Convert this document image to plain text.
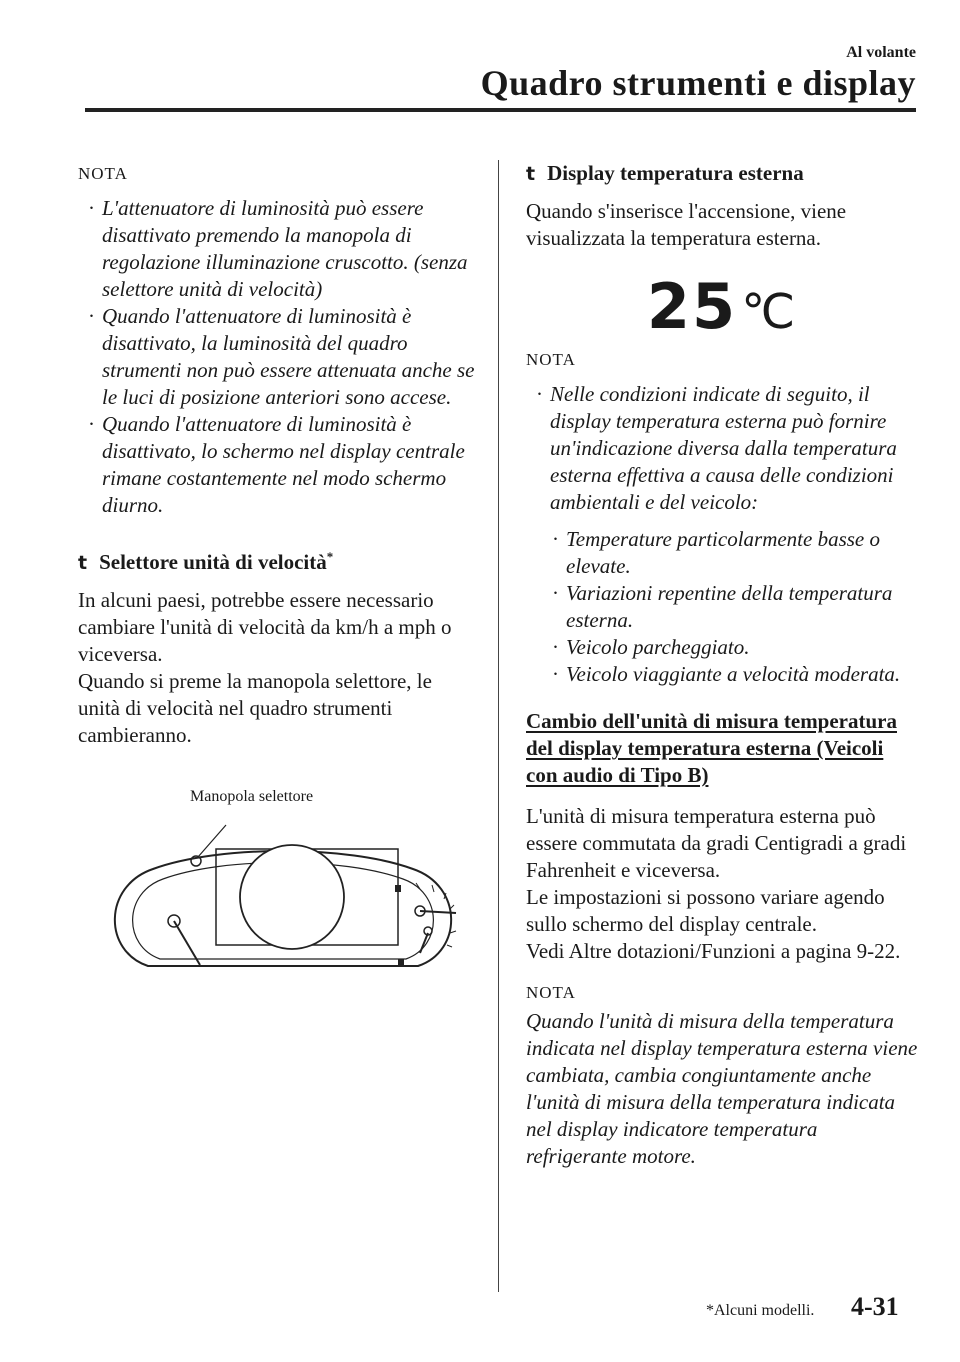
Al volante
Quadro strumenti e display
NOTA
· L'attenuatore di luminosità può essere disattivato premendo la manopola di regolazione illuminazione cruscotto. (senza selettore unità di velocità)
· Quando l'attenuatore di luminosità è disattivato, la luminosità del quadro strumenti non può essere attenuata anche se le luci di posizione anteriori sono accese.
· Quando l'attenuatore di luminosità è disattivato, lo schermo nel display centrale rimane costantemente nel modo schermo diurno.
t Selettore unità di velocità*

In alcuni paesi, potrebbe essere necessario cambiare l'unità di velocità da km/h a mph o viceversa.

Quando si preme la manopola selettore, le unità di velocità nel quadro strumenti cambieranno.

Manopola selettore
t Display temperatura esterna

Quando s'inserisce l'accensione, viene visualizzata la temperatura esterna.

25℃
NOTA
· Nelle condizioni indicate di seguito, il display temperatura esterna può fornire un'indicazione diversa dalla temperatura esterna effettiva a causa delle condizioni ambientali e del veicolo:
· Temperature particolarmente basse o elevate.
· Variazioni repentine della temperatura esterna.
· Veicolo parcheggiato.
· Veicolo viaggiante a velocità moderata.
Cambio dell'unità di misura temperatura del display temperatura esterna (Veicoli con audio di Tipo B)

L'unità di misura temperatura esterna può essere commutata da gradi Centigradi a gradi Fahrenheit e viceversa.

Le impostazioni si possono variare agendo sullo schermo del display centrale.

Vedi Altre dotazioni/Funzioni a pagina 9-22.

NOTA

Quando l'unità di misura della temperatura indicata nel display temperatura esterna viene cambiata, cambia congiuntamente anche l'unità di misura della temperatura indicata nel display indicatore temperatura refrigerante motore.

*Alcuni modelli. 4-31
